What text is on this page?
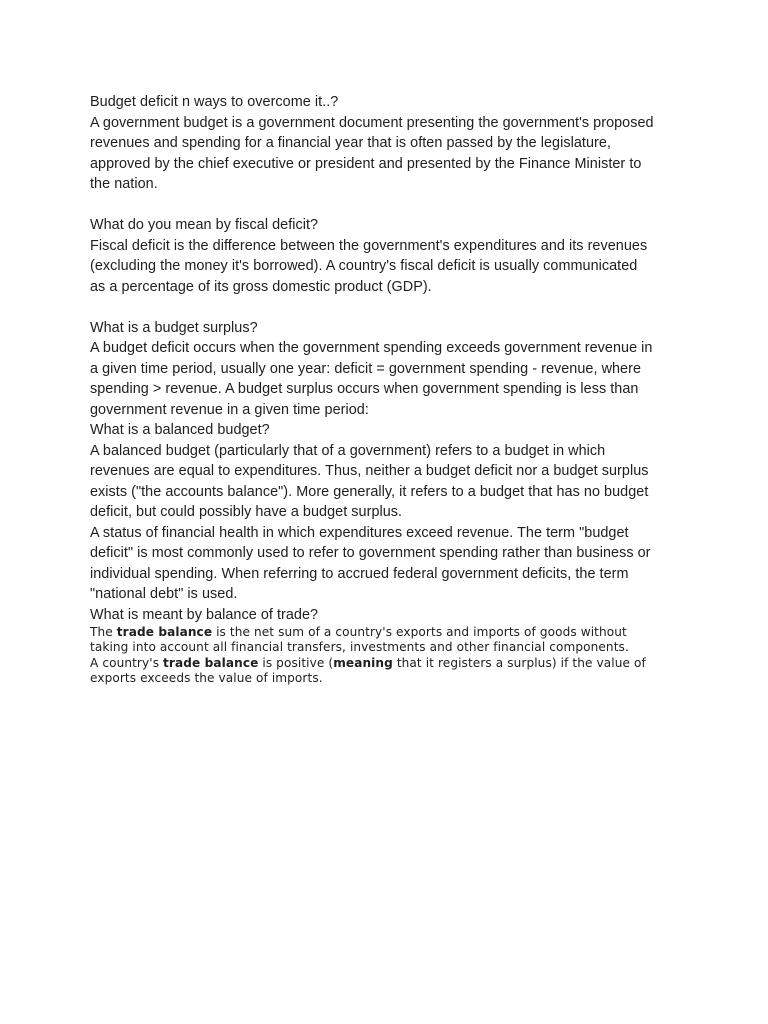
Budget deficit n ways to overcome it..?
A government budget is a government document presenting the government's proposed
revenues and spending for a financial year that is often passed by the legislature,
approved by the chief executive or president and presented by the Finance Minister to
the nation.
What do you mean by fiscal deficit?
Fiscal deficit is the difference between the government's expenditures and its revenues
(excluding the money it's borrowed). A country's fiscal deficit is usually communicated
as a percentage of its gross domestic product (GDP).
What is a budget surplus?
A budget deficit occurs when the government spending exceeds government revenue in
a given time period, usually one year: deficit = government spending - revenue, where
spending > revenue. A budget surplus occurs when government spending is less than
government revenue in a given time period:
What is a balanced budget?
A balanced budget (particularly that of a government) refers to a budget in which
revenues are equal to expenditures. Thus, neither a budget deficit nor a budget surplus
exists ("the accounts balance"). More generally, it refers to a budget that has no budget
deficit, but could possibly have a budget surplus.
A status of financial health in which expenditures exceed revenue. The term "budget
deficit" is most commonly used to refer to government spending rather than business or
individual spending. When referring to accrued federal government deficits, the term
"national debt" is used.
What is meant by balance of trade?
The trade balance is the net sum of a country's exports and imports of goods without
taking into account all financial transfers, investments and other financial components.
A country's trade balance is positive (meaning that it registers a surplus) if the value of
exports exceeds the value of imports.
